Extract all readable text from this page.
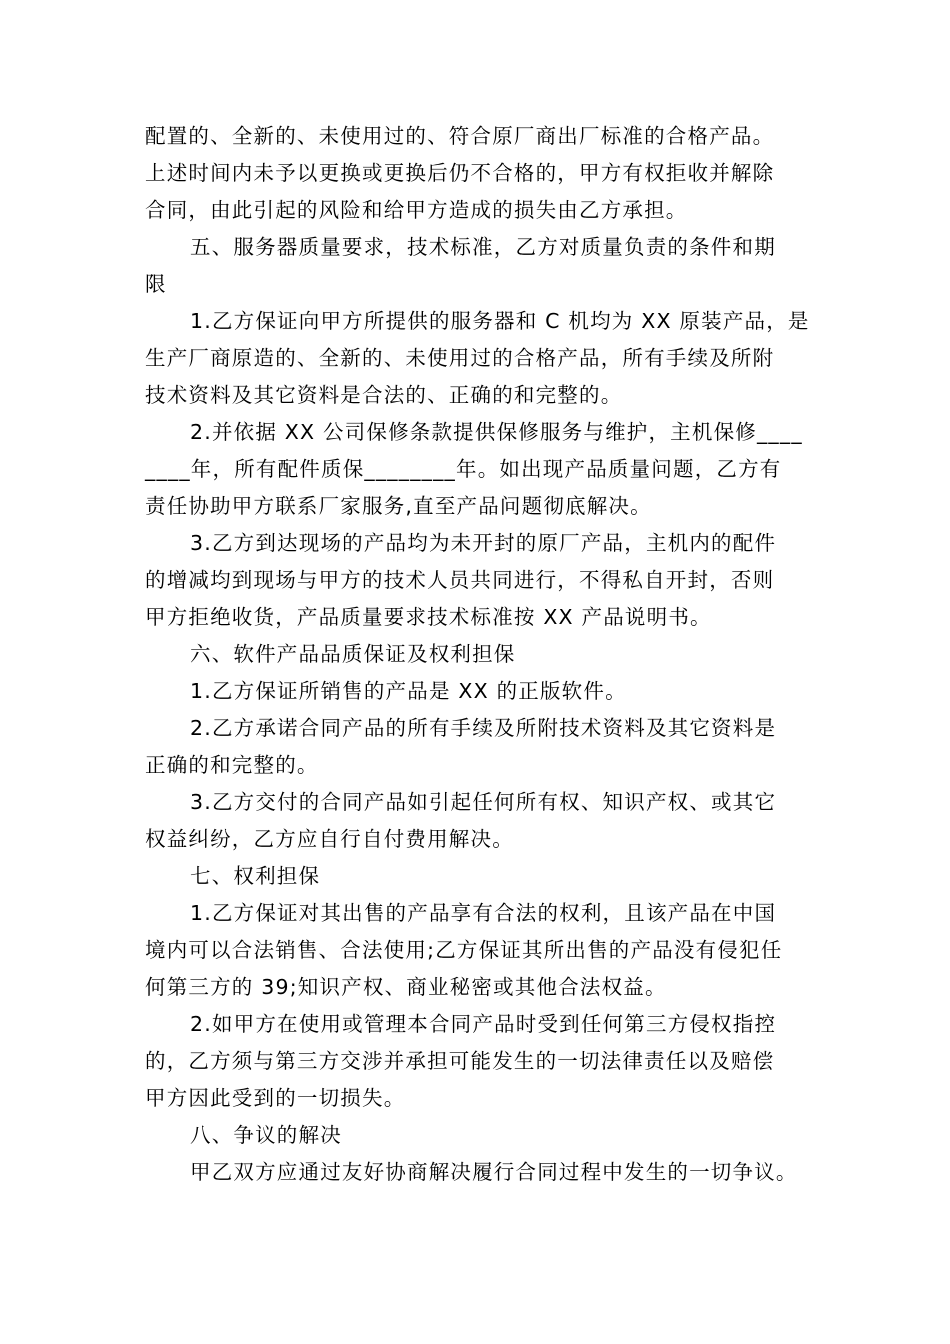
配置的、全新的、未使用过的、符合原厂商出厂标准的合格产品。

上述时间内未予以更换或更换后仍不合格的，甲方有权拒收并解除

合同，由此引起的风险和给甲方造成的损失由乙方承担。

五、服务器质量要求，技术标准，乙方对质量负责的条件和期

限

1.乙方保证向甲方所提供的服务器和 C 机均为 XX 原装产品，是

生产厂商原造的、全新的、未使用过的合格产品，所有手续及所附

技术资料及其它资料是合法的、正确的和完整的。

2.并依据 XX 公司保修条款提供保修服务与维护，主机保修____

____年，所有配件质保________年。如出现产品质量问题，乙方有

责任协助甲方联系厂家服务,直至产品问题彻底解决。

3.乙方到达现场的产品均为未开封的原厂产品，主机内的配件

的增减均到现场与甲方的技术人员共同进行，不得私自开封，否则

甲方拒绝收货，产品质量要求技术标准按 XX 产品说明书。

六、软件产品品质保证及权利担保

1.乙方保证所销售的产品是 XX 的正版软件。

2.乙方承诺合同产品的所有手续及所附技术资料及其它资料是

正确的和完整的。

3.乙方交付的合同产品如引起任何所有权、知识产权、或其它

权益纠纷，乙方应自行自付费用解决。

七、权利担保

1.乙方保证对其出售的产品享有合法的权利，且该产品在中国

境内可以合法销售、合法使用;乙方保证其所出售的产品没有侵犯任

何第三方的 39;知识产权、商业秘密或其他合法权益。

2.如甲方在使用或管理本合同产品时受到任何第三方侵权指控

的，乙方须与第三方交涉并承担可能发生的一切法律责任以及赔偿

甲方因此受到的一切损失。

八、争议的解决

甲乙双方应通过友好协商解决履行合同过程中发生的一切争议。
